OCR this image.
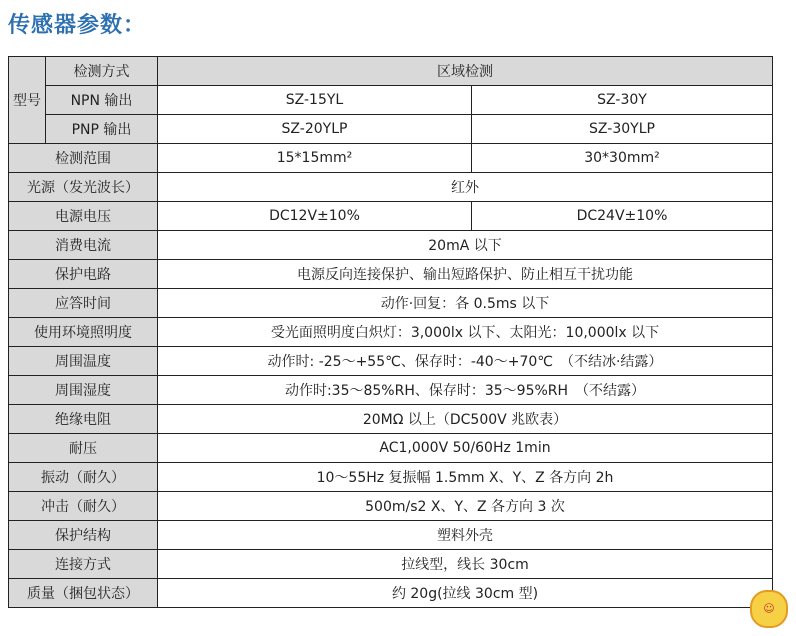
传感器参数：
型号	检测方式	区域检测	
	NPN 输出	SZ-15YL	SZ-30Y
	PNP 输出	SZ-20YLP	SZ-30YLP
检测范围		15*15mm²	30*30mm²
光源（发光波长）		红外	
电源电压		DC12V±10%	DC24V±10%
消费电流		20mA 以下	
保护电路		电源反向连接保护、输出短路保护、防止相互干扰功能	
应答时间		动作·回复：各 0.5ms 以下	
使用环境照明度		受光面照明度白炽灯：3,000lx 以下、太阳光：10,000lx 以下	
周围温度		动作时: -25～+55℃、保存时：-40～+70℃　（不结冰·结露）	
周围湿度		动作时:35～85%RH、保存时：35～95%RH　（不结露）	
绝缘电阻		20MΩ 以上（DC500V 兆欧表）	
耐压		AC1,000V 50/60Hz 1min	
振动（耐久）		10～55Hz 复振幅 1.5mm X、Y、Z 各方向 2h	
冲击（耐久）		500m/s2 X、Y、Z 各方向 3 次	
保护结构		塑料外壳	
连接方式		拉线型，线长 30cm	
质量（捆包状态）		约 20g(拉线 30cm 型)	
☺
